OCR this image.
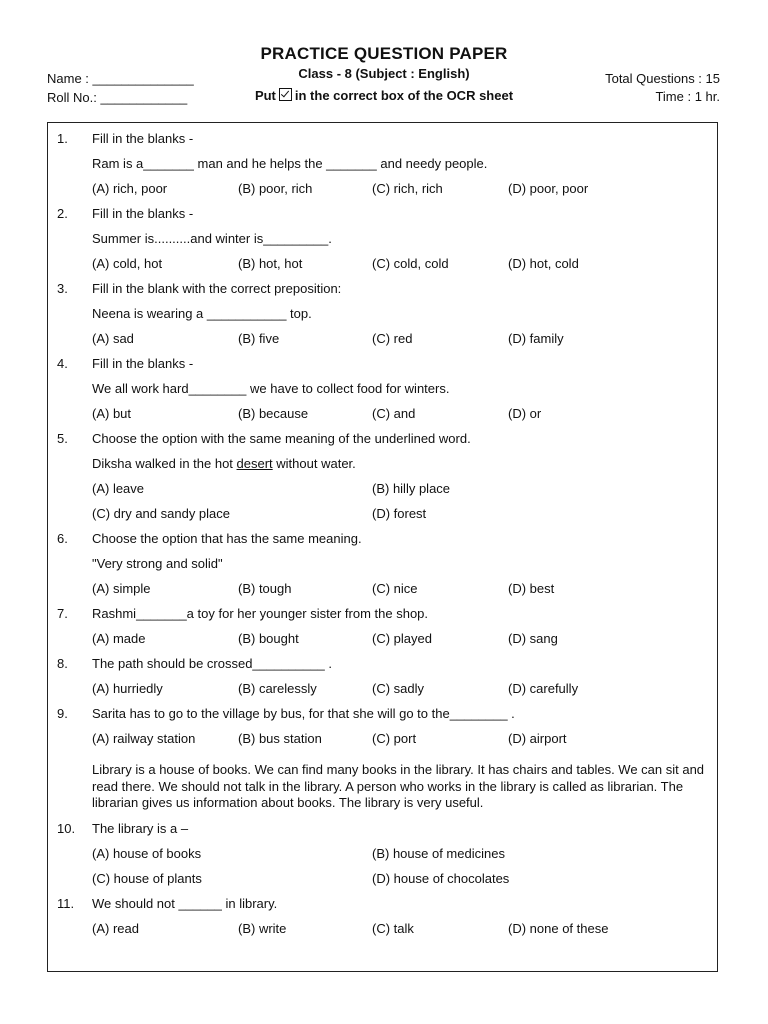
PRACTICE QUESTION PAPER
Class - 8 (Subject : English)
Put in the correct box of the OCR sheet
Name : ______________
Roll No.: ____________
Total Questions : 15
Time : 1 hr.
1. Fill in the blanks -
Ram is a_______ man and he helps the _______ and needy people.
(A) rich, poor	(B) poor, rich	(C) rich, rich	(D) poor, poor
2. Fill in the blanks -
Summer is..........and winter is_________.
(A) cold, hot	(B) hot, hot	(C) cold, cold	(D) hot, cold
3. Fill in the blank with the correct preposition:
Neena is wearing a ___________ top.
(A) sad	(B) five	(C) red	(D) family
4. Fill in the blanks -
We all work hard________ we have to collect food for winters.
(A) but	(B) because	(C) and	(D) or
5. Choose the option with the same meaning of the underlined word.
Diksha walked in the hot desert without water.
(A) leave	(B) hilly place
(C) dry and sandy place	(D) forest
6. Choose the option that has the same meaning.
"Very strong and solid"
(A) simple	(B) tough	(C) nice	(D) best
7. Rashmi_______a toy for her younger sister from the shop.
(A) made	(B) bought	(C) played	(D) sang
8. The path should be crossed__________ .
(A) hurriedly	(B) carelessly	(C) sadly	(D) carefully
9. Sarita has to go to the village by bus, for that she will go to the________ .
(A) railway station	(B) bus station	(C) port	(D) airport
Library is a house of books. We can find many books in the library. It has chairs and tables. We can sit and read there. We should not talk in the library. A person who works in the library is called as librarian. The librarian gives us information about books. The library is very useful.
10. The library is a –
(A) house of books	(B) house of medicines
(C) house of plants	(D) house of chocolates
11. We should not ______ in library.
(A) read	(B) write	(C) talk	(D) none of these
